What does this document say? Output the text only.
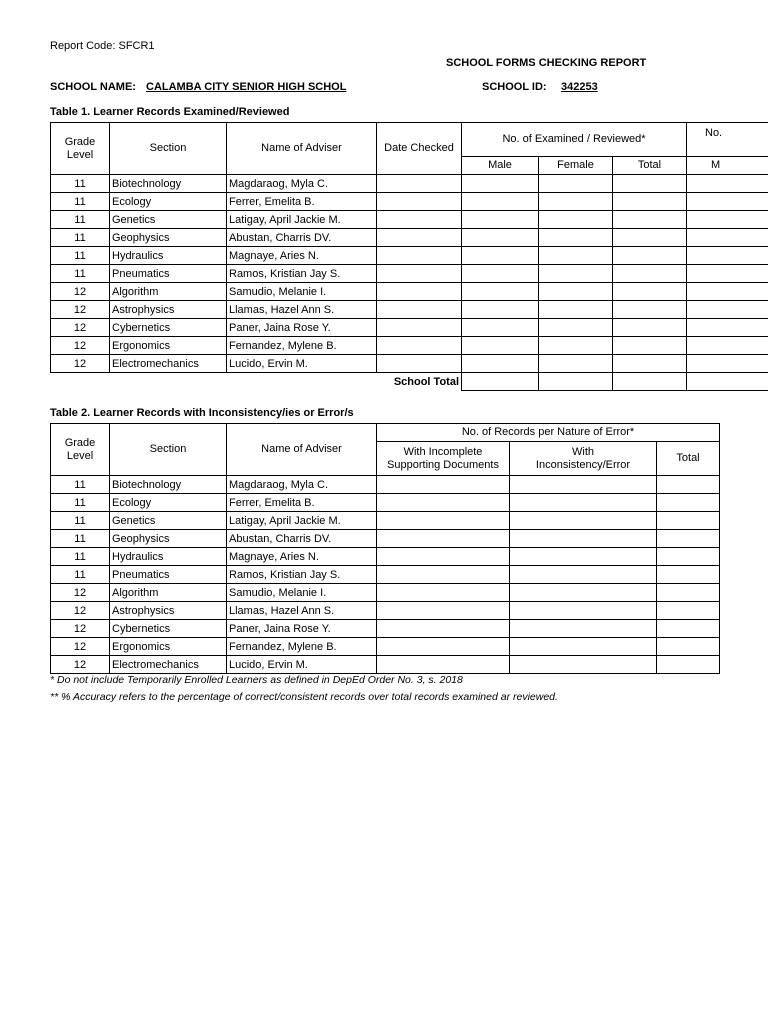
Report Code: SFCR1
SCHOOL FORMS CHECKING REPORT
SCHOOL NAME: CALAMBA CITY SENIOR HIGH SCHOL	SCHOOL ID:	342253
Table 1. Learner Records Examined/Reviewed
Grade Level	Section	Name of Adviser	Date Checked	No. of Examined / Reviewed*			No.
				Male	Female	Total	M
11	Biotechnology	Magdaraog, Myla C.					
11	Ecology	Ferrer, Emelita B.					
11	Genetics	Latigay, April Jackie M.					
11	Geophysics	Abustan, Charris DV.					
11	Hydraulics	Magnaye, Aries N.					
11	Pneumatics	Ramos, Kristian Jay S.					
12	Algorithm	Samudio, Melanie I.					
12	Astrophysics	Llamas, Hazel Ann S.					
12	Cybernetics	Paner, Jaina Rose Y.					
12	Ergonomics	Fernandez, Mylene B.					
12	Electromechanics	Lucido, Ervin M.					
			School Total				
Table 2. Learner Records with Inconsistency/ies or Error/s
Grade Level	Section	Name of Adviser	No. of Records per Nature of Error*		
			With Incomplete Supporting Documents	With Inconsistency/Error	Total
11	Biotechnology	Magdaraog, Myla C.			
11	Ecology	Ferrer, Emelita B.			
11	Genetics	Latigay, April Jackie M.			
11	Geophysics	Abustan, Charris DV.			
11	Hydraulics	Magnaye, Aries N.			
11	Pneumatics	Ramos, Kristian Jay S.			
12	Algorithm	Samudio, Melanie I.			
12	Astrophysics	Llamas, Hazel Ann S.			
12	Cybernetics	Paner, Jaina Rose Y.			
12	Ergonomics	Fernandez, Mylene B.			
12	Electromechanics	Lucido, Ervin M.			
* Do not include Temporarily Enrolled Learners as defined in DepEd Order No. 3, s. 2018
** % Accuracy refers to the percentage of correct/consistent records over total records examined ar reviewed.
